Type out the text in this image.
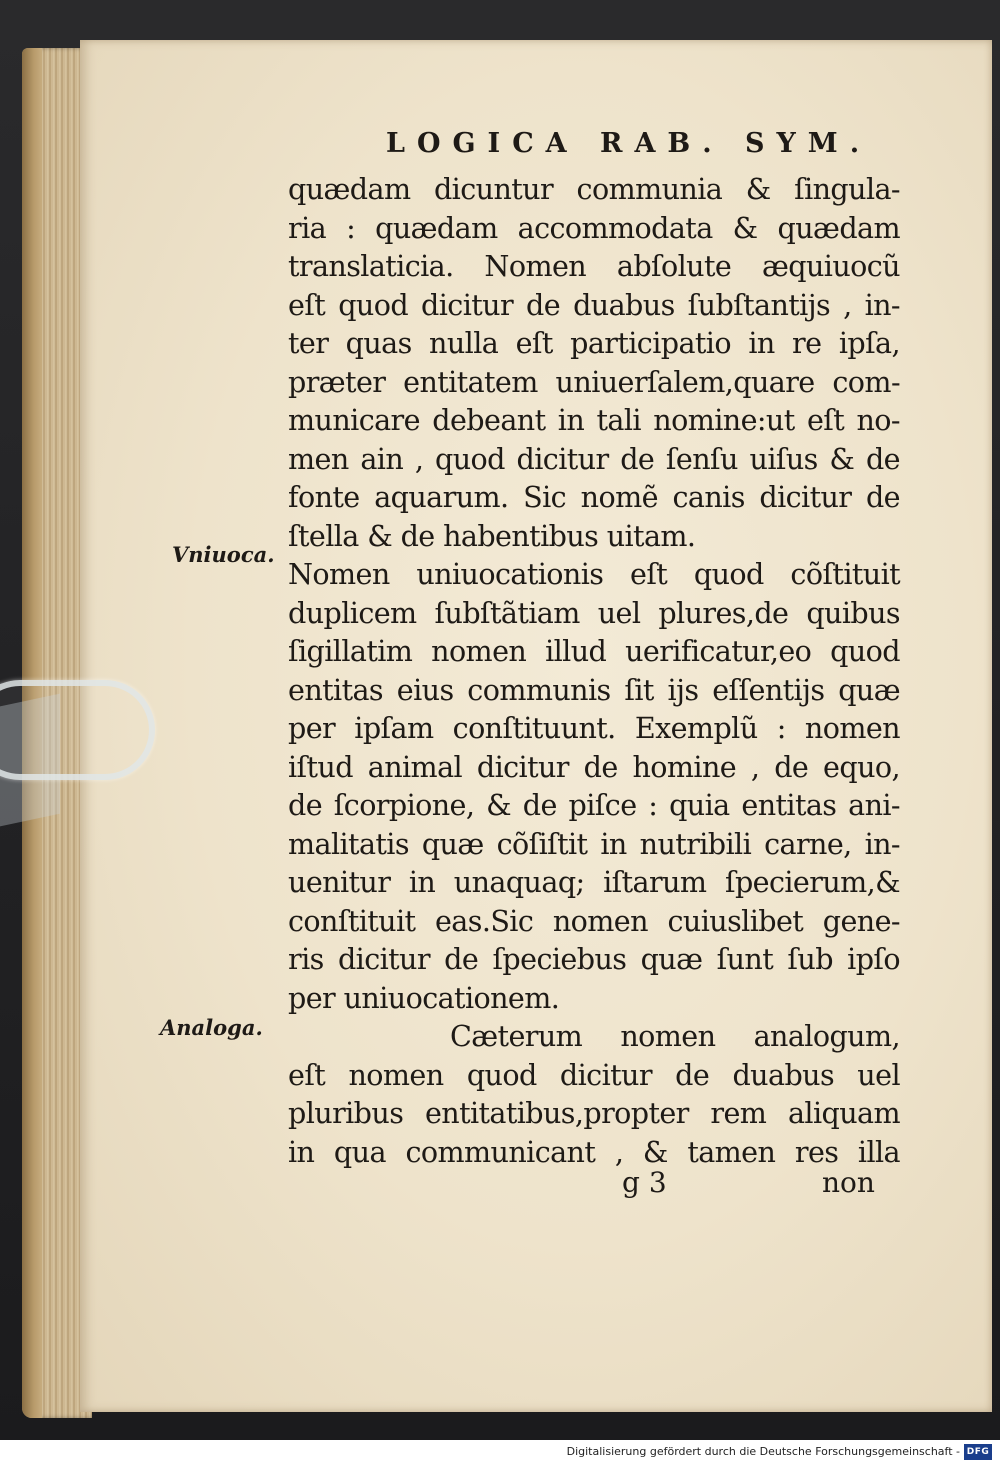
LOGICA RAB. SYM.
Vniuoca.
Analoga.
quædam dicuntur communia & ſingula-
ria : quædam accommodata & quædam
translaticia. Nomen abſolute æquiuocũ
eſt quod dicitur de duabus ſubſtantijs , in-
ter quas nulla eſt participatio in re ipſa,
præter entitatem uniuerſalem,quare com-
municare debeant in tali nomine:ut eſt no-
men ain , quod dicitur de ſenſu uiſus & de
fonte aquarum. Sic nomẽ canis dicitur de
ſtella & de habentibus uitam.
Nomen uniuocationis eſt quod cõſtituit
duplicem ſubſtãtiam uel plures,de quibus
ſigillatim nomen illud uerificatur,eo quod
entitas eius communis ſit ijs eſſentijs quæ
per ipſam conſtituunt. Exemplũ : nomen
iſtud animal dicitur de homine , de equo,
de ſcorpione, & de piſce : quia entitas ani-
malitatis quæ cõſiſtit in nutribili carne, in-
uenitur in unaquaq; iſtarum ſpecierum,&
conſtituit eas.Sic nomen cuiuslibet gene-
ris dicitur de ſpeciebus quæ ſunt ſub ipſo
per uniuocationem.
Cæterum nomen analogum,
eſt nomen quod dicitur de duabus uel
pluribus entitatibus,propter rem aliquam
in qua communicant , & tamen res illa
g 3	non
Digitalisierung gefördert durch die Deutsche Forschungsgemeinschaft - DFG
